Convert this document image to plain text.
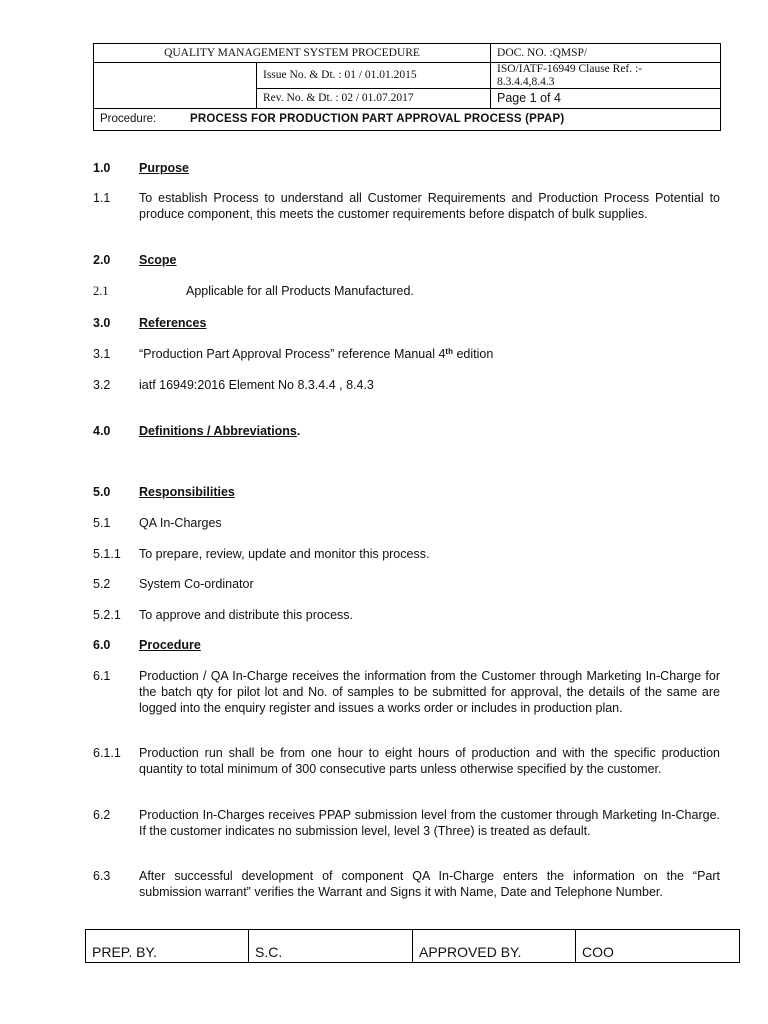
QUALITY MANAGEMENT SYSTEM PROCEDURE		DOC. NO. :QMSP/
	Issue No. & Dt. : 01 / 01.01.2015	ISO/IATF-16949 Clause Ref. :-
8.3.4.4,8.4.3
	Rev. No. & Dt. : 02 / 01.07.2017	Page 1 of 4
Procedure: PROCESS FOR PRODUCTION PART APPROVAL PROCESS (PPAP)		
1.0 Purpose
1.1 To establish Process to understand all Customer Requirements and Production Process Potential to produce component, this meets the customer requirements before dispatch of bulk supplies.
2.0 Scope
2.1	Applicable for all Products Manufactured.
3.0 References
3.1 “Production Part Approval Process” reference Manual 4th edition
3.2 iatf 16949:2016 Element No 8.3.4.4 , 8.4.3
4.0 Definitions / Abbreviations.
5.0 Responsibilities
5.1 QA In-Charges
5.1.1 To prepare, review, update and monitor this process.
5.2 System Co-ordinator
5.2.1 To approve and distribute this process.
6.0 Procedure
6.1 Production / QA In-Charge receives the information from the Customer through Marketing In-Charge for the batch qty for pilot lot and No. of samples to be submitted for approval, the details of the same are logged into the enquiry register and issues a works order or includes in production plan.
6.1.1 Production run shall be from one hour to eight hours of production and with the specific production quantity to total minimum of 300 consecutive parts unless otherwise specified by the customer.
6.2 Production In-Charges receives PPAP submission level from the customer through Marketing In-Charge. If the customer indicates no submission level, level 3 (Three) is treated as default.
6.3 After successful development of component QA In-Charge enters the information on the “Part submission warrant” verifies the Warrant and Signs it with Name, Date and Telephone Number.
PREP. BY.	S.C.	APPROVED BY.	COO
